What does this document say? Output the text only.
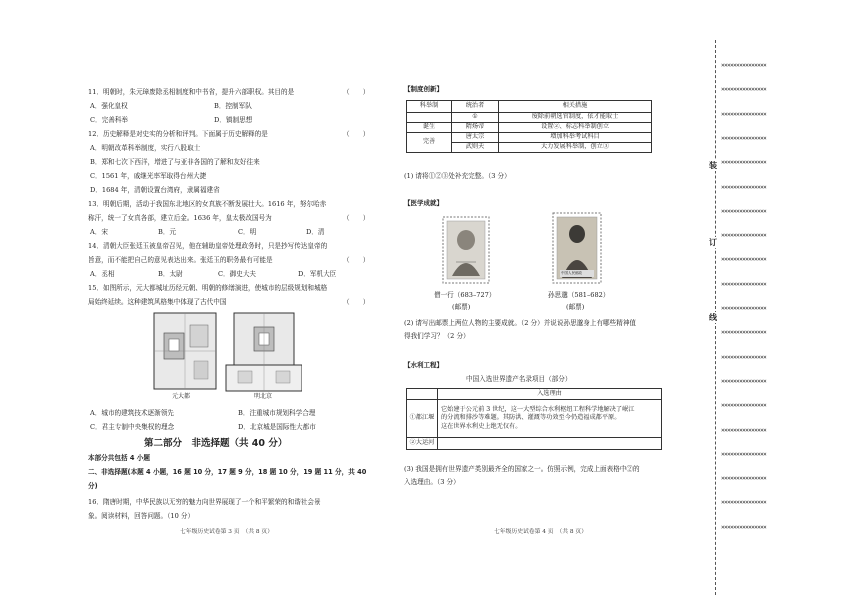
11．明朝时，朱元璋废除丞相制度和中书省，提升六部职权。其目的是	（　　）
A．强化皇权	B．控制军队
C．完善科举	D．镇制思想
12．历史解释是对史实的分析和评判。下面属于历史解释的是	（　　）
A．明朝改革科举制度，实行八股取士
B．郑和七次下西洋，增进了与亚非各国的了解和友好往来
C．1561 年，戚继光率军取得台州大捷
D．1684 年，清朝设置台湾府，隶属福建省
13．明朝后期，活动于我国东北地区的女真族不断发展壮大。1616 年，努尔哈赤
称汗，统一了女真各部，建立后金。1636 年，皇太极改国号为	（　　）
A．宋	B．元	C．明	D．清
14．清朝大臣张廷玉被皇帝召见，他在辅助皇帝处理政务时，只是抄写传达皇帝的
旨意，而不能把自己的意见表达出来。张廷玉的职务最有可能是	（　　）
A．丞相	B．太尉	C．御史大夫	D．军机大臣
15．如图所示，元大都城址历经元朝、明朝的修缮演进，使城市的层级规划和城格
局始终延续。这种建筑风格集中体现了古代中国	（　　）
元大都	明北京
A．城市的建筑技术逐渐领先	B．注重城市规划科学合理
C．君主专制中央集权的理念	D．北京城是国际性大都市
第二部分　非选择题（共 40 分）
本部分共包括 4 小题
二、非选择题(本题 4 小题，16 题 10 分，17 题 9 分，18 题 10 分，19 题 11 分，共 40
分)
16．隋唐时期，中华民族以无穷的魅力向世界展现了一个和平繁荣的和谐社会景
象。阅读材料，回答问题。（10 分）
七年级历史试卷第 3 页　（共 8 页）
【制度创新】
科举制	统治者	相关措施
	①	废除前朝选官制度，依才能取士
诞生	隋炀帝	设置②、标志科举制创立
完善	唐太宗	增加科举考试科目
	武则天	大力发展科举制，创立③
(1) 请将①②③处补充完整。（3 分）
【医学成就】
中国人民邮政
僧一行（683–727）
(邮票)
孙思邈（581–682）
(邮票)
(2) 请写出邮票上两位人物的主要成就。（2 分）并说说孙思邈身上有哪些精神值
得我们学习？（2 分）
【水利工程】
中国入选世界遗产名录项目（部分）
	入选理由
①都江堰	它始建于公元前 3 世纪，这一大型综合水利枢纽工程科学地解决了岷江
的分流和排沙等难题。其防洪、灌溉等功效至今仍造福成都平原。
这在世界水利史上绝无仅有。

②大运河	
(3) 我国是拥有世界遗产类别最齐全的国家之一。仿照示例，完成上面表格中②的
入选理由。（3 分）
七年级历史试卷第 4 页　（共 8 页）
×××××××××××××××
×××××××××××××××
×××××××××××××××
×××××××××××××××
×××××××××××××××
×××××××××××××××
×××××××××××××××
×××××××××××××××
×××××××××××××××
×××××××××××××××
×××××××××××××××
×××××××××××××××
×××××××××××××××
×××××××××××××××
×××××××××××××××
×××××××××××××××
×××××××××××××××
×××××××××××××××
×××××××××××××××
×××××××××××××××
装
订
线
